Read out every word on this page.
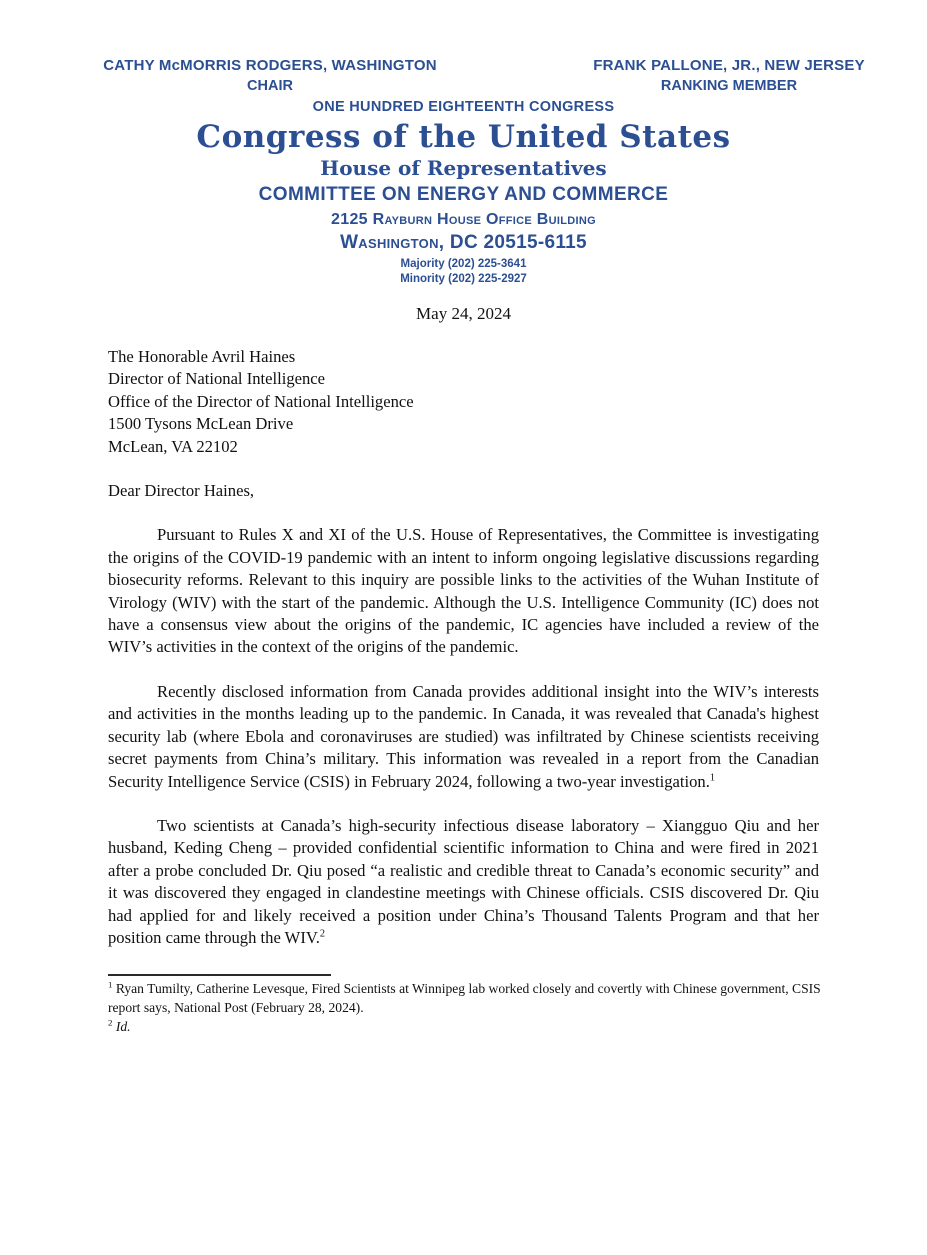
CATHY McMORRIS RODGERS, WASHINGTON
CHAIR
FRANK PALLONE, JR., NEW JERSEY
RANKING MEMBER
ONE HUNDRED EIGHTEENTH CONGRESS
Congress of the United States
House of Representatives
COMMITTEE ON ENERGY AND COMMERCE
2125 Rayburn House Office Building
Washington, DC 20515-6115
Majority (202) 225-3641
Minority (202) 225-2927
May 24, 2024
The Honorable Avril Haines
Director of National Intelligence
Office of the Director of National Intelligence
1500 Tysons McLean Drive
McLean, VA 22102
Dear Director Haines,
Pursuant to Rules X and XI of the U.S. House of Representatives, the Committee is investigating the origins of the COVID-19 pandemic with an intent to inform ongoing legislative discussions regarding biosecurity reforms. Relevant to this inquiry are possible links to the activities of the Wuhan Institute of Virology (WIV) with the start of the pandemic. Although the U.S. Intelligence Community (IC) does not have a consensus view about the origins of the pandemic, IC agencies have included a review of the WIV’s activities in the context of the origins of the pandemic.
Recently disclosed information from Canada provides additional insight into the WIV’s interests and activities in the months leading up to the pandemic. In Canada, it was revealed that Canada's highest security lab (where Ebola and coronaviruses are studied) was infiltrated by Chinese scientists receiving secret payments from China’s military. This information was revealed in a report from the Canadian Security Intelligence Service (CSIS) in February 2024, following a two-year investigation.$^1$
Two scientists at Canada’s high-security infectious disease laboratory – Xiangguo Qiu and her husband, Keding Cheng – provided confidential scientific information to China and were fired in 2021 after a probe concluded Dr. Qiu posed “a realistic and credible threat to Canada’s economic security” and it was discovered they engaged in clandestine meetings with Chinese officials. CSIS discovered Dr. Qiu had applied for and likely received a position under China’s Thousand Talents Program and that her position came through the WIV.$^2$
$^1$ Ryan Tumilty, Catherine Levesque, Fired Scientists at Winnipeg lab worked closely and covertly with Chinese government, CSIS report says, National Post (February 28, 2024).
$^2$ Id.
